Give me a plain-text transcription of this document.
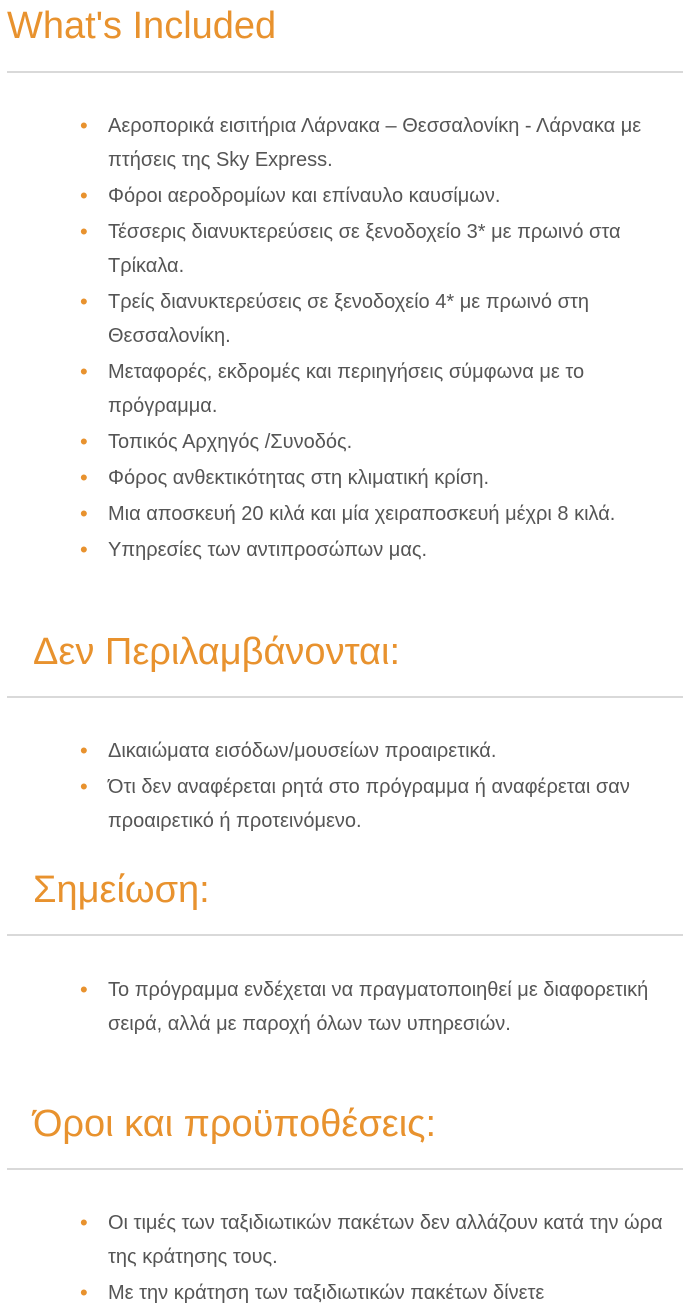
What's Included
• Αεροπορικά εισιτήρια Λάρνακα – Θεσσαλονίκη - Λάρνακα με πτήσεις της Sky Express.
• Φόροι αεροδρομίων και επίναυλο καυσίμων.
• Τέσσερις διανυκτερεύσεις σε ξενοδοχείο 3* με πρωινό στα Τρίκαλα.
• Τρείς διανυκτερεύσεις σε ξενοδοχείο 4* με πρωινό στη Θεσσαλονίκη.
• Μεταφορές, εκδρομές και περιηγήσεις σύμφωνα με το πρόγραμμα.
• Τοπικός Αρχηγός /Συνοδός.
• Φόρος ανθεκτικότητας στη κλιματική κρίση.
• Μια αποσκευή 20 κιλά και μία χειραποσκευή μέχρι 8 κιλά.
• Υπηρεσίες των αντιπροσώπων μας.
Δεν Περιλαμβάνονται:
• Δικαιώματα εισόδων/μουσείων προαιρετικά.
• Ότι δεν αναφέρεται ρητά στο πρόγραμμα ή αναφέρεται σαν προαιρετικό ή προτεινόμενο.
Σημείωση:
• Το πρόγραμμα ενδέχεται να πραγματοποιηθεί με διαφορετική σειρά, αλλά με παροχή όλων των υπηρεσιών.
Όροι και προϋποθέσεις:
• Οι τιμές των ταξιδιωτικών πακέτων δεν αλλάζουν κατά την ώρα της κράτησης τους.
• Με την κράτηση των ταξιδιωτικών πακέτων δίνετε
